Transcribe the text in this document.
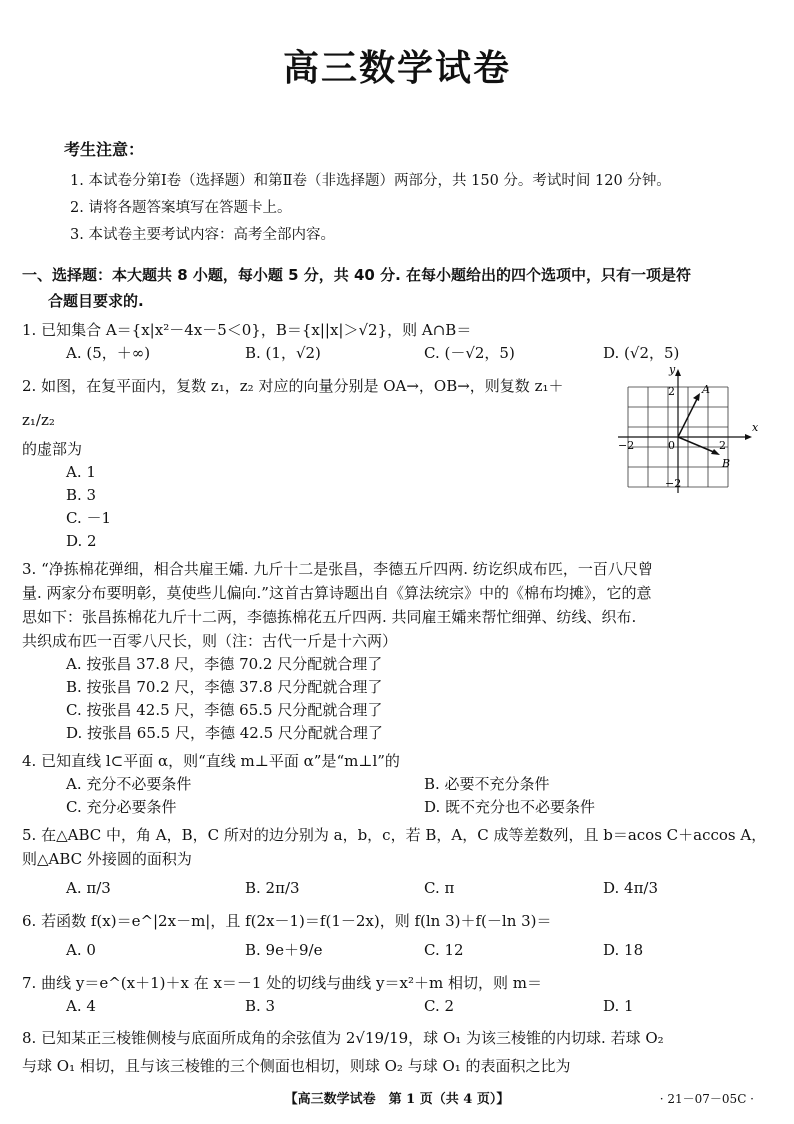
高三数学试卷
考生注意：
1. 本试卷分第Ⅰ卷（选择题）和第Ⅱ卷（非选择题）两部分，共 150 分。考试时间 120 分钟。
2. 请将各题答案填写在答题卡上。
3. 本试卷主要考试内容：高考全部内容。
一、选择题：本大题共 8 小题，每小题 5 分，共 40 分. 在每小题给出的四个选项中，只有一项是符
合题目要求的.
1. 已知集合 A＝{x|x²－4x－5＜0}，B＝{x||x|＞√2}，则 A∩B＝
A. (5，＋∞)	B. (1，√2)	C. (－√2，5)	D. (√2，5)
2. 如图，在复平面内，复数 z₁，z₂ 对应的向量分别是 OA→，OB→，则复数 z₁＋z₁/z₂
的虚部为
A. 1
B. 3
C. －1
D. 2
x
y
0	2
−2
2
−2
A
B
3. “净拣棉花弹细，相合共雇王孀. 九斤十二是张昌，李德五斤四两. 纺讫织成布匹，一百八尺曾
量. 两家分布要明彰，莫使些儿偏向.”这首古算诗题出自《算法统宗》中的《棉布均摊》，它的意
思如下：张昌拣棉花九斤十二两，李德拣棉花五斤四两. 共同雇王孀来帮忙细弹、纺线、织布.
共织成布匹一百零八尺长，则（注：古代一斤是十六两）
A. 按张昌 37.8 尺，李德 70.2 尺分配就合理了
B. 按张昌 70.2 尺，李德 37.8 尺分配就合理了
C. 按张昌 42.5 尺，李德 65.5 尺分配就合理了
D. 按张昌 65.5 尺，李德 42.5 尺分配就合理了
4. 已知直线 l⊂平面 α，则“直线 m⊥平面 α”是“m⊥l”的
A. 充分不必要条件	B. 必要不充分条件
C. 充分必要条件	D. 既不充分也不必要条件
5. 在△ABC 中，角 A，B，C 所对的边分别为 a，b，c，若 B，A，C 成等差数列，且 b＝acos C＋accos A，
则△ABC 外接圆的面积为
A. π/3	B. 2π/3	C. π	D. 4π/3
6. 若函数 f(x)＝e^|2x－m|，且 f(2x－1)＝f(1－2x)，则 f(ln 3)＋f(－ln 3)＝
A. 0	B. 9e＋9/e	C. 12	D. 18
7. 曲线 y＝e^(x＋1)＋x 在 x＝－1 处的切线与曲线 y＝x²＋m 相切，则 m＝
A. 4	B. 3	C. 2	D. 1
8. 已知某正三棱锥侧棱与底面所成角的余弦值为 2√19/19，球 O₁ 为该三棱锥的内切球. 若球 O₂
与球 O₁ 相切，且与该三棱锥的三个侧面也相切，则球 O₂ 与球 O₁ 的表面积之比为
【高三数学试卷　第 1 页（共 4 页）】	· 21－07－05C ·
